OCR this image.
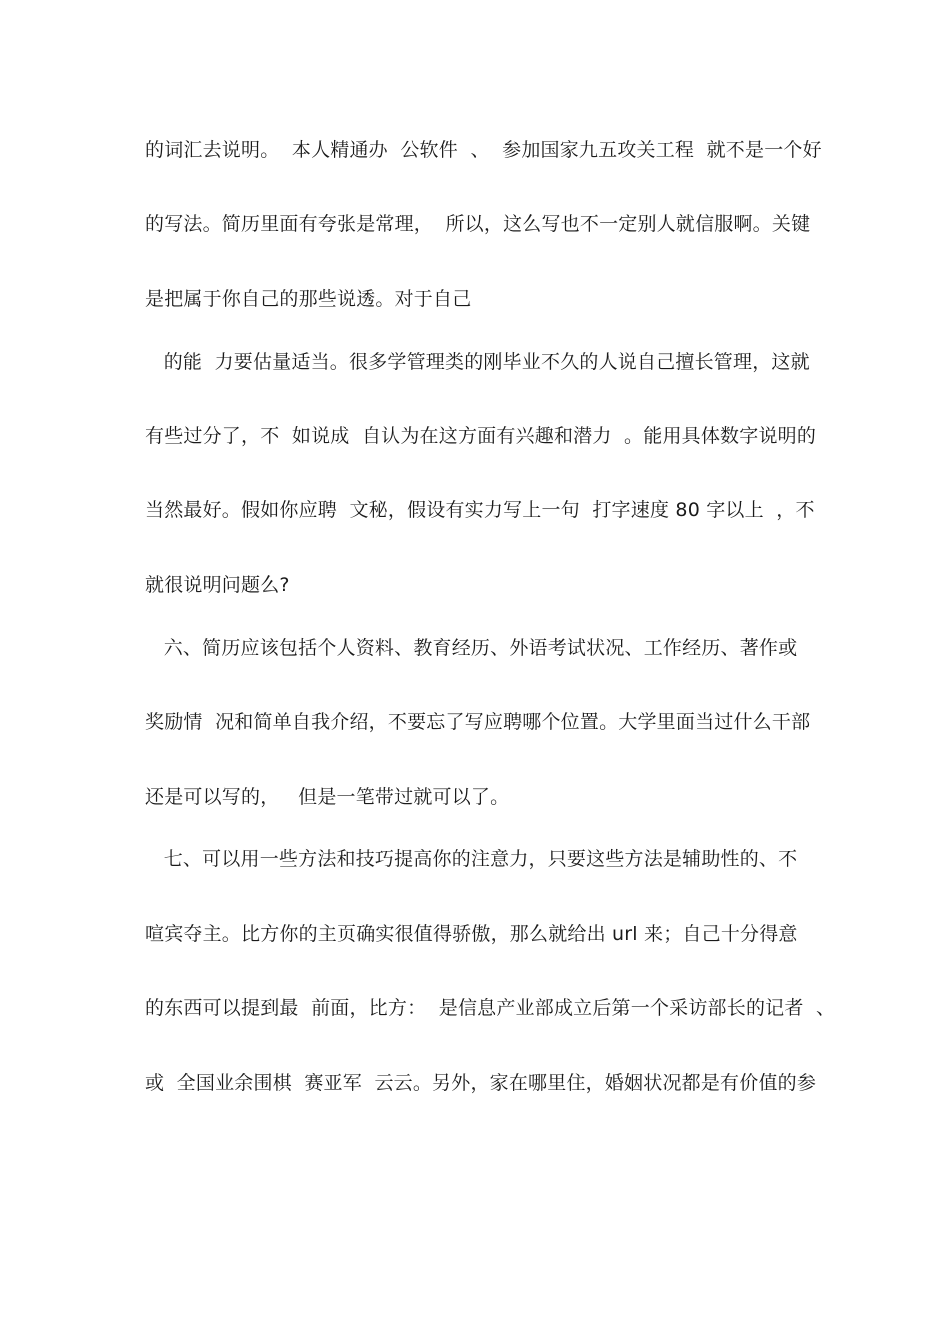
的词汇去说明。  本人精通办  公软件  、  参加国家九五攻关工程  就不是一个好
的写法。简历里面有夸张是常理，  所以，这么写也不一定别人就信服啊。关键
是把属于你自己的那些说透。对于自己
的能  力要估量适当。很多学管理类的刚毕业不久的人说自己擅长管理，这就
有些过分了，不  如说成  自认为在这方面有兴趣和潜力  。能用具体数字说明的
当然最好。假如你应聘  文秘，假设有实力写上一句  打字速度 80 字以上  ，不
就很说明问题么?
六、简历应该包括个人资料、教育经历、外语考试状况、工作经历、著作或
奖励情  况和简单自我介绍，不要忘了写应聘哪个位置。大学里面当过什么干部
还是可以写的，   但是一笔带过就可以了。
七、可以用一些方法和技巧提高你的注意力，只要这些方法是辅助性的、不
喧宾夺主。比方你的主页确实很值得骄傲，那么就给出 url 来；自己十分得意
的东西可以提到最  前面，比方：  是信息产业部成立后第一个采访部长的记者  、
或  全国业余围棋  赛亚军  云云。另外，家在哪里住，婚姻状况都是有价值的参
